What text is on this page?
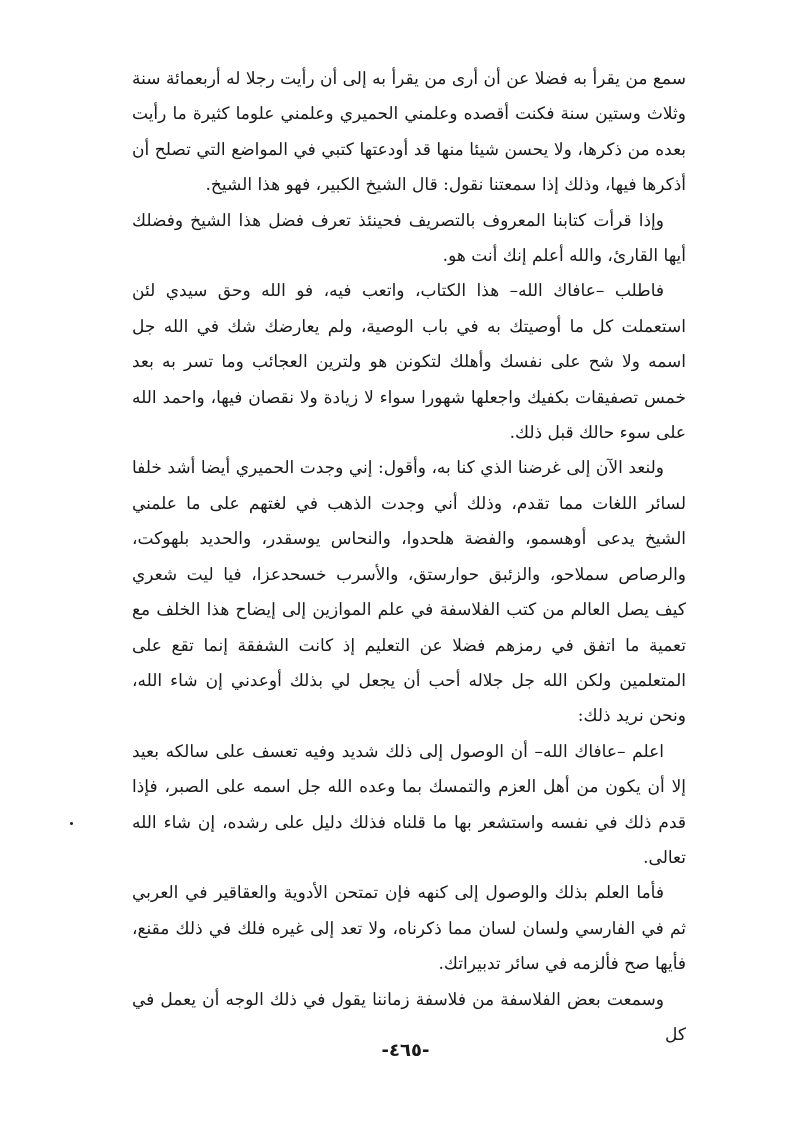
سمع من يقرأ به فضلا عن أن أرى من يقرأ به إلى أن رأيت رجلا له أربعمائة سنة وثلاث وستين سنة فكنت أقصده وعلمني الحميري وعلمني علوما كثيرة ما رأيت بعده من ذكرها، ولا يحسن شيئا منها قد أودعتها كتبي في المواضع التي تصلح أن أذكرها فيها، وذلك إذا سمعتنا نقول: قال الشيخ الكبير، فهو هذا الشيخ.

وإذا قرأت كتابنا المعروف بالتصريف فحينئذ تعرف فضل هذا الشيخ وفضلك أيها القارئ، والله أعلم إنك أنت هو.

فاطلب –عافاك الله– هذا الكتاب، واتعب فيه، فو الله وحق سيدي لئن استعملت كل ما أوصيتك به في باب الوصية، ولم يعارضك شك في الله جل اسمه ولا شح على نفسك وأهلك لتكونن هو ولترين العجائب وما تسر به بعد خمس تصفيقات بكفيك واجعلها شهورا سواء لا زيادة ولا نقصان فيها، واحمد الله على سوء حالك قبل ذلك.

ولنعد الآن إلى غرضنا الذي كنا به، وأقول: إني وجدت الحميري أيضا أشد خلفا لسائر اللغات مما تقدم، وذلك أني وجدت الذهب في لغتهم على ما علمني الشيخ يدعى أوهسمو، والفضة هلحدوا، والنحاس يوسقدر، والحديد بلهوكت، والرصاص سملاحو، والزئبق حوارستق، والأسرب خسحدعزا، فيا ليت شعري كيف يصل العالم من كتب الفلاسفة في علم الموازين إلى إيضاح هذا الخلف مع تعمية ما اتفق في رمزهم فضلا عن التعليم إذ كانت الشفقة إنما تقع على المتعلمين ولكن الله جل جلاله أحب أن يجعل لي بذلك أوعدني إن شاء الله، ونحن نريد ذلك:

اعلم –عافاك الله– أن الوصول إلى ذلك شديد وفيه تعسف على سالكه بعيد إلا أن يكون من أهل العزم والتمسك بما وعده الله جل اسمه على الصبر، فإذا قدم ذلك في نفسه واستشعر بها ما قلناه فذلك دليل على رشده، إن شاء الله تعالى.

فأما العلم بذلك والوصول إلى كنهه فإن تمتحن الأدوية والعقاقير في العربي ثم في الفارسي ولسان لسان مما ذكرناه، ولا تعد إلى غيره فلك في ذلك مقنع، فأيها صح فألزمه في سائر تدبيراتك.

وسمعت بعض الفلاسفة من فلاسفة زماننا يقول في ذلك الوجه أن يعمل في كل

-٤٦٥-
